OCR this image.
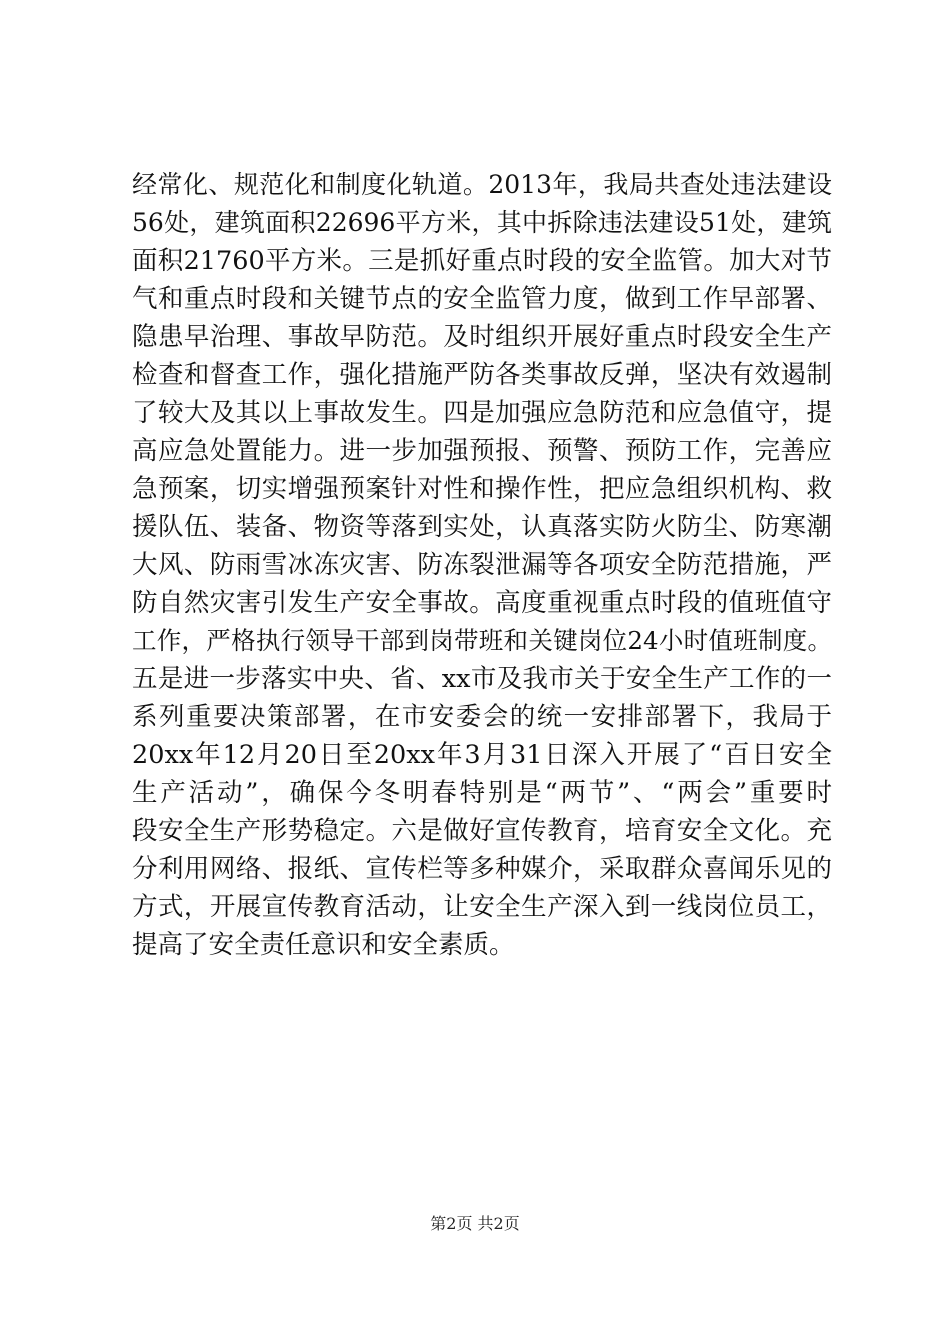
经常化、规范化和制度化轨道。2013年，我局共查处违法建设
56处，建筑面积22696平方米，其中拆除违法建设51处，建筑
面积21760平方米。三是抓好重点时段的安全监管。加大对节
气和重点时段和关键节点的安全监管力度，做到工作早部署、
隐患早治理、事故早防范。及时组织开展好重点时段安全生产
检查和督查工作，强化措施严防各类事故反弹，坚决有效遏制
了较大及其以上事故发生。四是加强应急防范和应急值守，提
高应急处置能力。进一步加强预报、预警、预防工作，完善应
急预案，切实增强预案针对性和操作性，把应急组织机构、救
援队伍、装备、物资等落到实处，认真落实防火防尘、防寒潮
大风、防雨雪冰冻灾害、防冻裂泄漏等各项安全防范措施，严
防自然灾害引发生产安全事故。高度重视重点时段的值班值守
工作，严格执行领导干部到岗带班和关键岗位24小时值班制度。
五是进一步落实中央、省、xx市及我市关于安全生产工作的一
系列重要决策部署，在市安委会的统一安排部署下，我局于
20xx年12月20日至20xx年3月31日深入开展了“百日安全
生产活动”，确保今冬明春特别是“两节”、“两会”重要时
段安全生产形势稳定。六是做好宣传教育，培育安全文化。充
分利用网络、报纸、宣传栏等多种媒介，采取群众喜闻乐见的
方式，开展宣传教育活动，让安全生产深入到一线岗位员工，
提高了安全责任意识和安全素质。
第2页 共2页
